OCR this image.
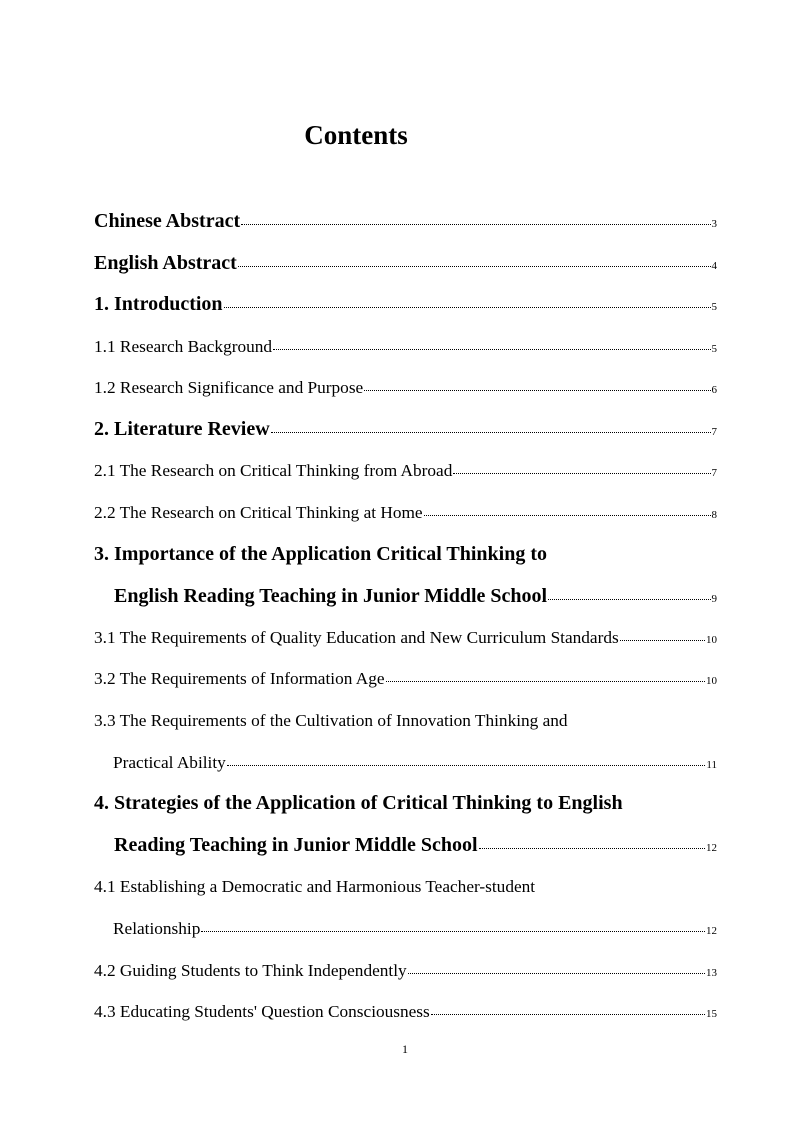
Contents
Chinese Abstract	3
English Abstract	4
1. Introduction	5
1.1 Research Background	5
1.2 Research Significance and Purpose	6
2. Literature Review	7
2.1 The Research on Critical Thinking from Abroad	7
2.2 The Research on Critical Thinking at Home	8
3. Importance of the Application Critical Thinking to
English Reading Teaching in Junior Middle School	9
3.1 The Requirements of Quality Education and New Curriculum Standards	10
3.2 The Requirements of Information Age	10
3.3 The Requirements of the Cultivation of Innovation Thinking and
Practical Ability	11
4. Strategies of the Application of Critical Thinking to English
Reading Teaching in Junior Middle School	12
4.1 Establishing a Democratic and Harmonious Teacher-student
Relationship	12
4.2 Guiding Students to Think Independently	13
4.3 Educating Students' Question Consciousness	15
1
